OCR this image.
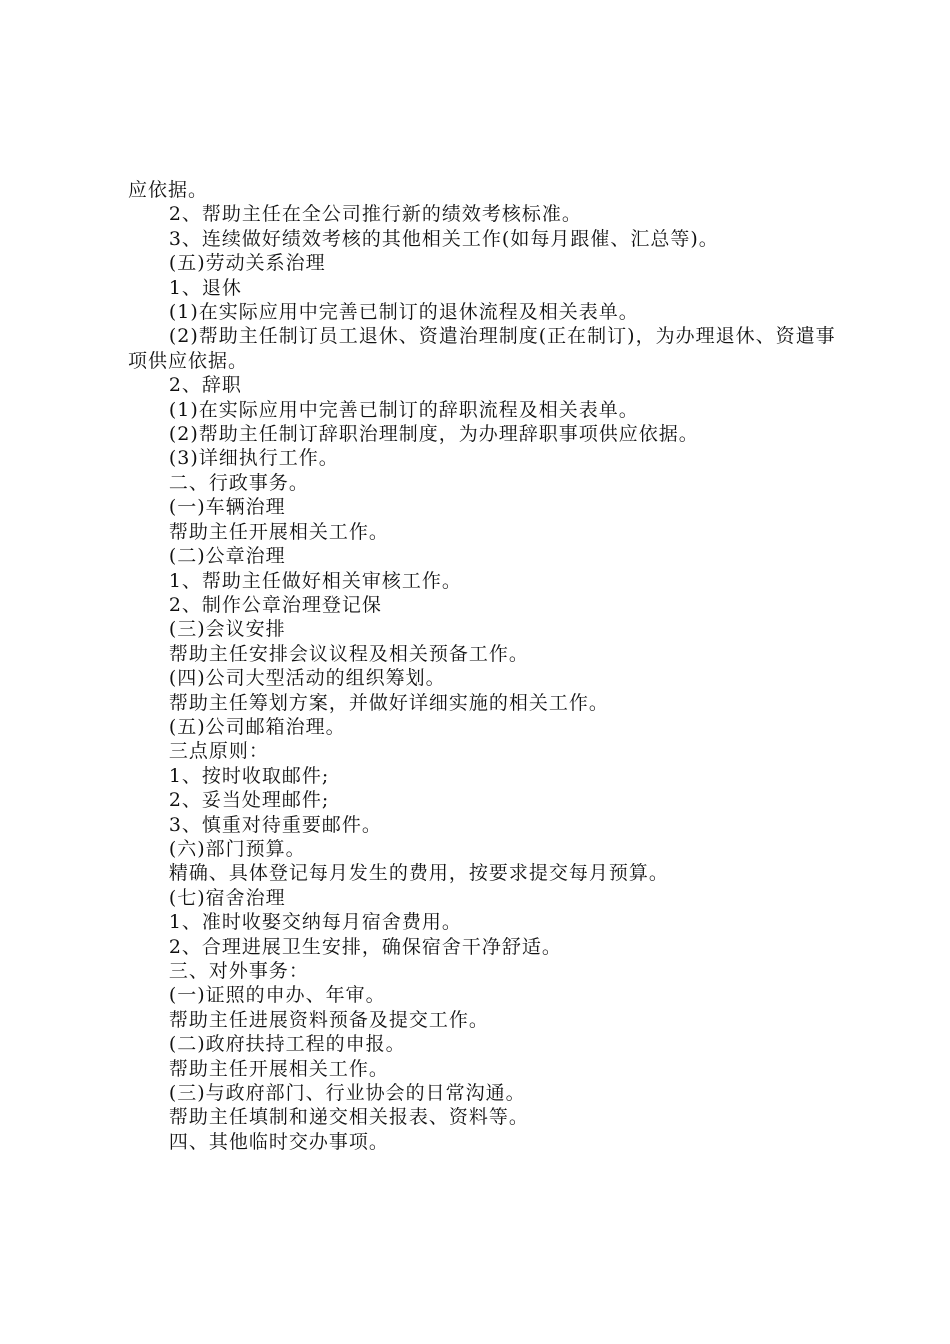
应依据。

2、帮助主任在全公司推行新的绩效考核标准。

3、连续做好绩效考核的其他相关工作(如每月跟催、汇总等)。

(五)劳动关系治理

1、退休

(1)在实际应用中完善已制订的退休流程及相关表单。

(2)帮助主任制订员工退休、资遣治理制度(正在制订)，为办理退休、资遣事项供应依据。

2、辞职

(1)在实际应用中完善已制订的辞职流程及相关表单。

(2)帮助主任制订辞职治理制度，为办理辞职事项供应依据。

(3)详细执行工作。

二、行政事务。

(一)车辆治理

帮助主任开展相关工作。

(二)公章治理

1、帮助主任做好相关审核工作。

2、制作公章治理登记保

(三)会议安排

帮助主任安排会议议程及相关预备工作。

(四)公司大型活动的组织筹划。

帮助主任筹划方案，并做好详细实施的相关工作。

(五)公司邮箱治理。

三点原则：

1、按时收取邮件;

2、妥当处理邮件;

3、慎重对待重要邮件。

(六)部门预算。

精确、具体登记每月发生的费用，按要求提交每月预算。

(七)宿舍治理

1、准时收娶交纳每月宿舍费用。

2、合理进展卫生安排，确保宿舍干净舒适。

三、对外事务：

(一)证照的申办、年审。

帮助主任进展资料预备及提交工作。

(二)政府扶持工程的申报。

帮助主任开展相关工作。

(三)与政府部门、行业协会的日常沟通。

帮助主任填制和递交相关报表、资料等。

四、其他临时交办事项。
